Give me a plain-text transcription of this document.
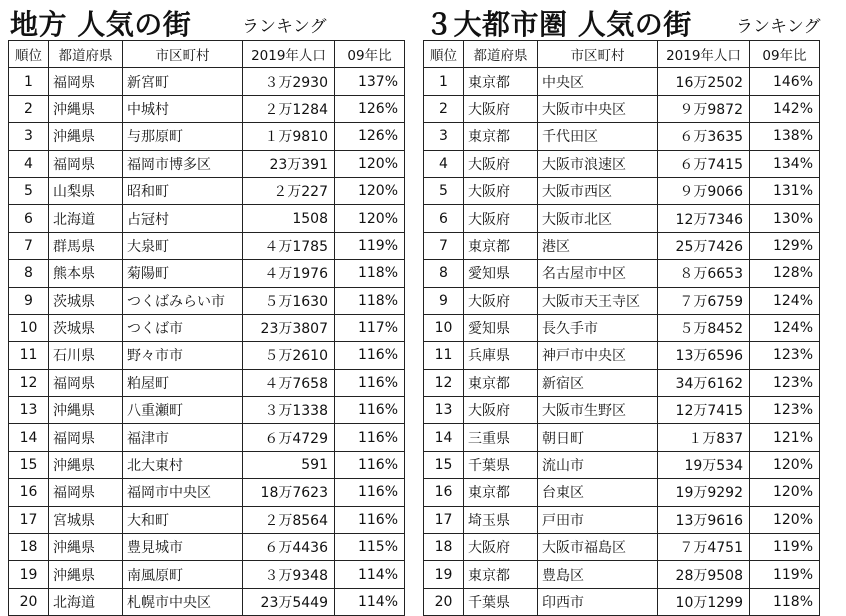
地方 人気の街	ランキング
順位	都道府県	市区町村	2019年人口	09年比
1	福岡県	新宮町	３万2930	137%
2	沖縄県	中城村	２万1284	126%
3	沖縄県	与那原町	１万9810	126%
4	福岡県	福岡市博多区	23万391	120%
5	山梨県	昭和町	２万227	120%
6	北海道	占冠村	1508	120%
7	群馬県	大泉町	４万1785	119%
8	熊本県	菊陽町	４万1976	118%
9	茨城県	つくばみらい市	５万1630	118%
10	茨城県	つくば市	23万3807	117%
11	石川県	野々市市	５万2610	116%
12	福岡県	粕屋町	４万7658	116%
13	沖縄県	八重瀬町	３万1338	116%
14	福岡県	福津市	６万4729	116%
15	沖縄県	北大東村	591	116%
16	福岡県	福岡市中央区	18万7623	116%
17	宮城県	大和町	２万8564	116%
18	沖縄県	豊見城市	６万4436	115%
19	沖縄県	南風原町	３万9348	114%
20	北海道	札幌市中央区	23万5449	114%
３大都市圏 人気の街	ランキング
順位	都道府県	市区町村	2019年人口	09年比
1	東京都	中央区	16万2502	146%
2	大阪府	大阪市中央区	９万9872	142%
3	東京都	千代田区	６万3635	138%
4	大阪府	大阪市浪速区	６万7415	134%
5	大阪府	大阪市西区	９万9066	131%
6	大阪府	大阪市北区	12万7346	130%
7	東京都	港区	25万7426	129%
8	愛知県	名古屋市中区	８万6653	128%
9	大阪府	大阪市天王寺区	７万6759	124%
10	愛知県	長久手市	５万8452	124%
11	兵庫県	神戸市中央区	13万6596	123%
12	東京都	新宿区	34万6162	123%
13	大阪府	大阪市生野区	12万7415	123%
14	三重県	朝日町	１万837	121%
15	千葉県	流山市	19万534	120%
16	東京都	台東区	19万9292	120%
17	埼玉県	戸田市	13万9616	120%
18	大阪府	大阪市福島区	７万4751	119%
19	東京都	豊島区	28万9508	119%
20	千葉県	印西市	10万1299	118%
